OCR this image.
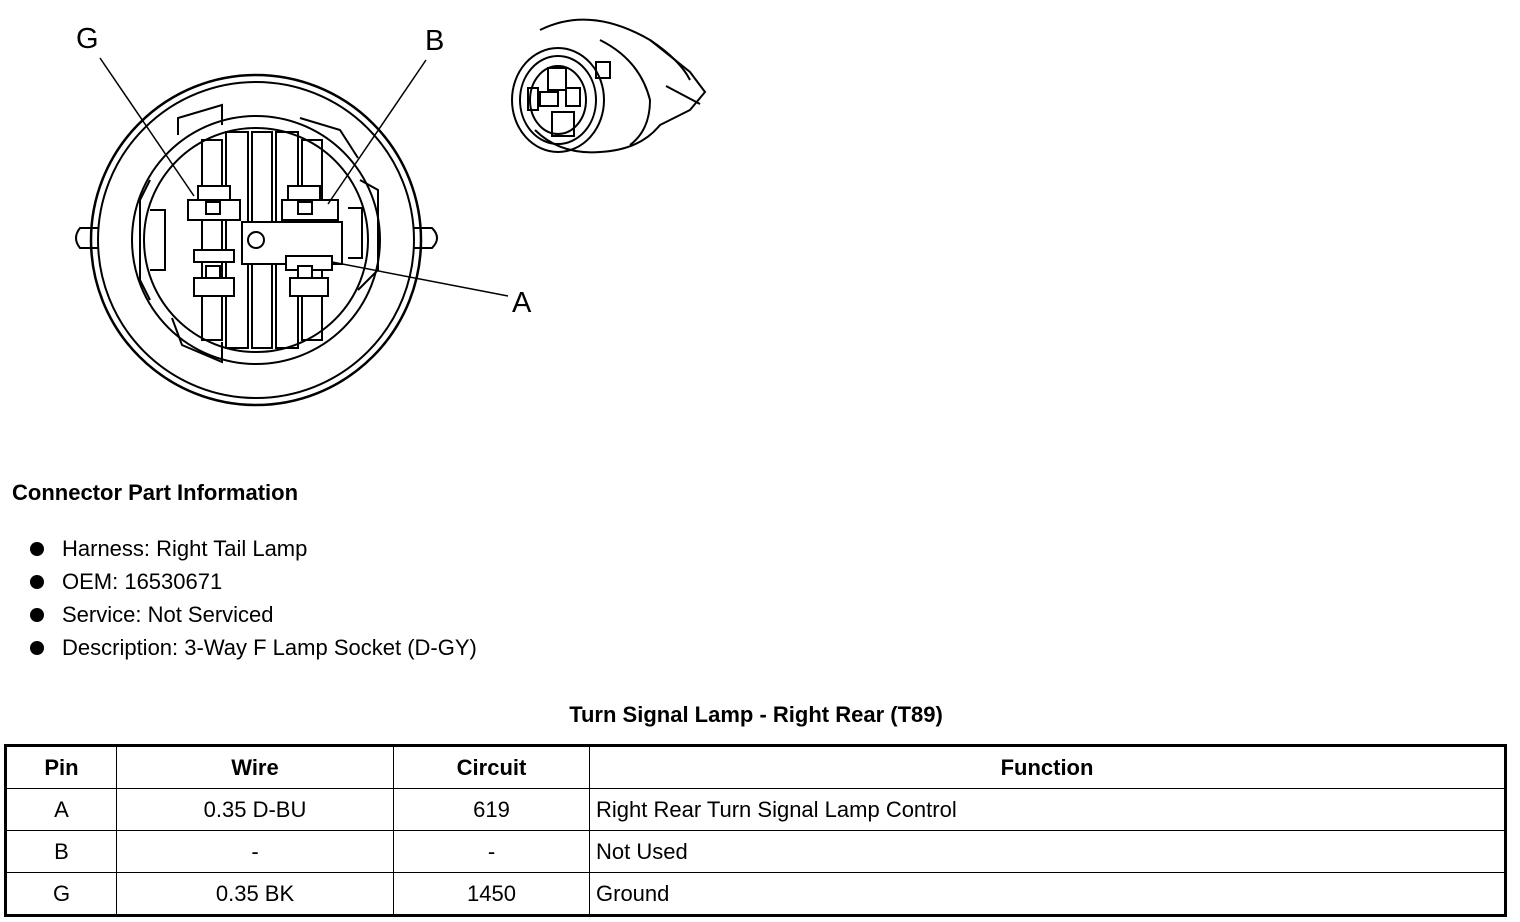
G	B
A
Connector Part Information
Harness: Right Tail Lamp
OEM: 16530671
Service: Not Serviced
Description: 3-Way F Lamp Socket (D-GY)
Turn Signal Lamp - Right Rear (T89)
Pin	Wire	Circuit	Function
A	0.35 D-BU	619	Right Rear Turn Signal Lamp Control
B	-	-	Not Used
G	0.35 BK	1450	Ground
